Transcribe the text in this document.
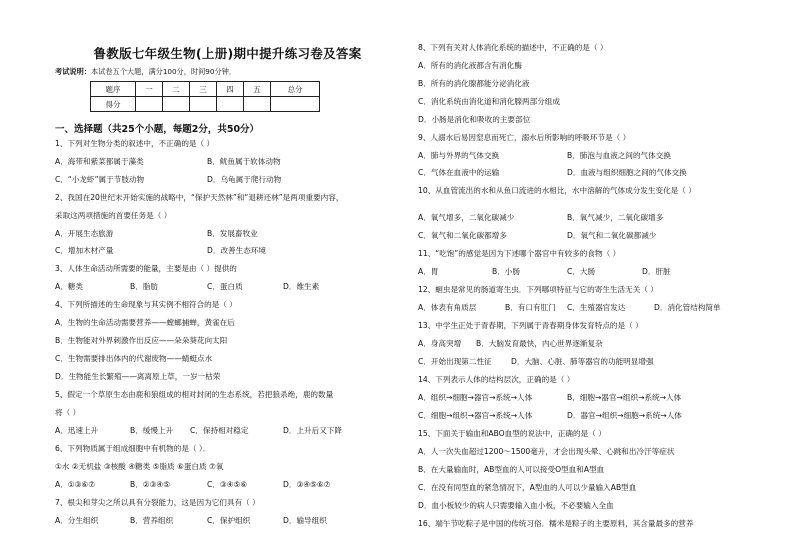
鲁教版七年级生物(上册)期中提升练习卷及答案
考试说明：本试卷五个大题，满分100分，时间90分钟．
题序	一	二	三	四	五	总分
得分						
一、选择题（共25个小题，每题2分，共50分）
1、下列对生物分类的叙述中，不正确的是（ ）
A．海带和紫菜都属于藻类	B．鱿鱼属于软体动物
C．“小龙虾”属于节肢动物	D．乌龟属于爬行动物
2、我国在20世纪末开始实施的战略中，“保护天然林”和“退耕还林”是两项重要内容，
采取这两项措施的首要任务是（ ）
A．开展生态旅游	B．发展畜牧业
C．增加木材产量	D．改善生态环境
3、人体生命活动所需要的能量，主要是由（ ）提供的
A．糖类	B．脂肪	C．蛋白质	D．维生素
4、下列所描述的生命现象与其实例不相符合的是（ ）
A．生物的生命活动需要营养——螳螂捕蝉，黄雀在后
B．生物能对外界刺激作出反应——朵朵葵花向太阳
C．生物需要排出体内的代谢废物——蜻蜓点水
D．生物能生长繁殖——离离原上草，一岁一枯荣
5、假定一个草原生态由鹿和狼组成的相对封闭的生态系统，若把狼杀绝，鹿的数量
将（ ）
A．迅速上升	B．缓慢上升 C．保持相对稳定	D．上升后又下降
6、下列物质属于组成细胞中有机物的是（ ）．
①水 ②无机盐 ③核酸 ④糖类 ⑤脂质 ⑥蛋白质 ⑦氧
A．①③⑥⑦	B．②③④⑤	C．③④⑤⑥	D．③④⑤⑥⑦
7、根尖和芽尖之所以具有分裂能力，这是因为它们具有（ ）
A．分生组织	B．营养组织	C．保护组织	D．输导组织
8、下列有关对人体消化系统的描述中，不正确的是（ ）
A．所有的消化液都含有消化酶
B．所有的消化腺都能分泌消化液
C．消化系统由消化道和消化腺两部分组成
D．小肠是消化和吸收的主要部位
9、人溺水后易因窒息而死亡，溺水后所影响的呼吸环节是（ ）
A．肺与外界的气体交换	B．肺泡与血液之间的气体交换
C．气体在血液中的运输	D．血液与组织细胞之间的气体交换
10、从血管流出的水和从鱼口流进的水相比，水中溶解的气体成分发生变化是（ ）
A．氧气增多，二氧化碳减少	B．氧气减少，二氧化碳增多
C．氧气和二氧化碳都增多	D．氧气和二氧化碳都减少
11、“吃饱”的感觉是因为下述哪个器官中有较多的食物（ ）
A．胃	B．小肠	C．大肠	D．肝脏
12、蛔虫是常见的肠道寄生虫．下列哪项特征与它的寄生生活无关（ ）
A．体表有角质层	B．有口有肛门 C．生殖器官发达	D．消化管结构简单
13、中学生正处于青春期，下列属于青春期身体发育特点的是（ ）
A．身高突增 B．大脑发育最快，内心世界逐渐复杂
C．开始出现第二性征	D．大脑、心脏、肺等器官的功能明显增强
14、下列表示人体的结构层次，正确的是（ ）
A．组织→细胞→器官→系统→人体	B．细胞→器官→组织→系统→人体
C．细胞→组织→器官→系统→人体	D．器官→组织→细胞→系统→人体
15、下面关于输血和ABO血型的说法中，正确的是（ ）
A．人一次失血超过1200～1500毫升，才会出现头晕、心跳和出冷汗等症状
B．在大量输血时，AB型血的人可以接受O型血和A型血
C．在没有同型血的紧急情况下，A型血的人可以少量输入AB型血
D．血小板较少的病人只需要输入血小板，不必要输入全血
16、端午节吃粽子是中国的传统习俗．糯米是粽子的主要原料，其含量最多的营养
